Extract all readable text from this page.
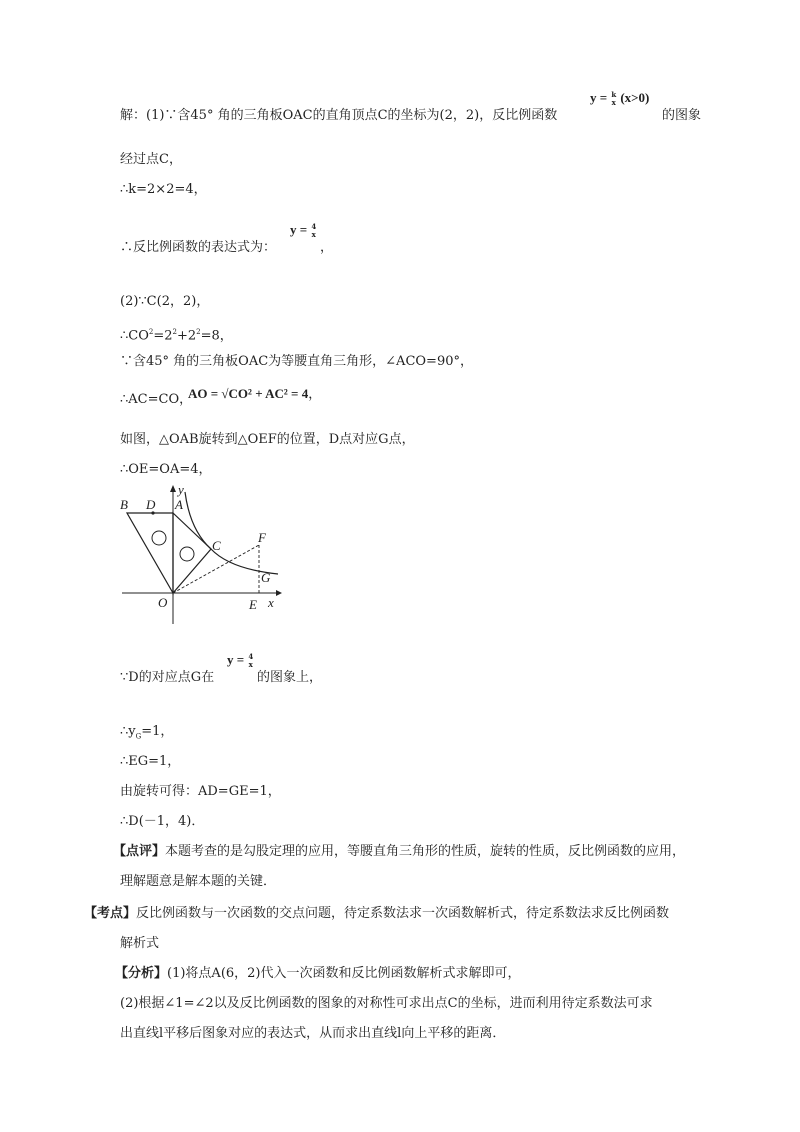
y = k
x (x>0)
解：(1)∵含45° 角的三角板OAC的直角顶点C的坐标为(2，2)，反比例函数	的图象
经过点C，
∴k=2×2=4，
∴反比例函数的表达式为：
y = 4
x
，
(2)∵C(2，2)，
$\therefore CO^2=2^2+2^2=8$，
∵含45° 角的三角板OAC为等腰直角三角形，∠ACO=90°，
∴AC=CO，
AO = √CO² + AC² = 4，
如图，△OAB旋转到△OEF的位置，D点对应G点，
∴OE=OA=4，
B D A
y
C
F
G
O	E x
∵D的对应点G在
y = 4
x
的图象上，
$\therefore y_G=1$，
∴EG=1，
由旋转可得：AD=GE=1，
∴D(－1，4)．
【点评】本题考查的是勾股定理的应用，等腰直角三角形的性质，旋转的性质，反比例函数的应用，
理解题意是解本题的关键．
【考点】反比例函数与一次函数的交点问题，待定系数法求一次函数解析式，待定系数法求反比例函数
解析式
【分析】(1)将点A(6，2)代入一次函数和反比例函数解析式求解即可，
(2)根据∠1=∠2以及反比例函数的图象的对称性可求出点C的坐标，进而利用待定系数法可求
出直线l平移后图象对应的表达式，从而求出直线l向上平移的距离．
